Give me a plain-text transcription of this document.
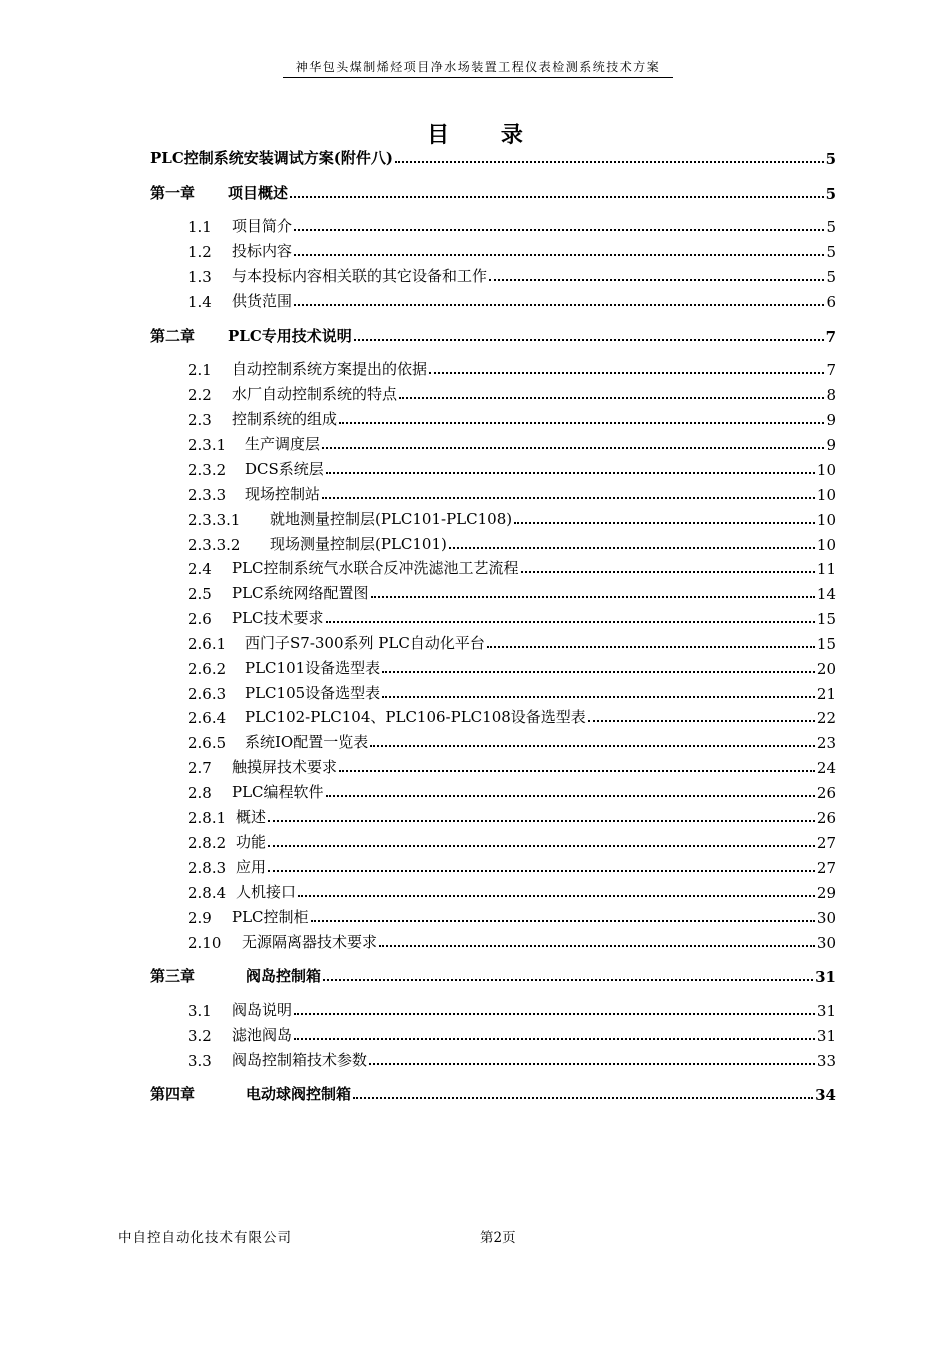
神华包头煤制烯烃项目净水场装置工程仪表检测系统技术方案
目 录
PLC控制系统安装调试方案(附件八)	5
第一章	项目概述	5
1.1	项目简介	5
1.2	投标内容	5
1.3	与本投标内容相关联的其它设备和工作	5
1.4	供货范围	6
第二章	PLC专用技术说明	7
2.1	自动控制系统方案提出的依据	7
2.2	水厂自动控制系统的特点	8
2.3	控制系统的组成	9
2.3.1	生产调度层	9
2.3.2	DCS系统层	10
2.3.3	现场控制站	10
2.3.3.1	就地测量控制层(PLC101-PLC108)	10
2.3.3.2	现场测量控制层(PLC101)	10
2.4	PLC控制系统气水联合反冲洗滤池工艺流程	11
2.5	PLC系统网络配置图	14
2.6	PLC技术要求	15
2.6.1	西门子S7-300系列 PLC自动化平台	15
2.6.2	PLC101设备选型表	20
2.6.3	PLC105设备选型表	21
2.6.4	PLC102-PLC104、PLC106-PLC108设备选型表	22
2.6.5	系统IO配置一览表	23
2.7	触摸屏技术要求	24
2.8	PLC编程软件	26
2.8.1 概述	26
2.8.2 功能	27
2.8.3 应用	27
2.8.4 人机接口	29
2.9	PLC控制柜	30
2.10	无源隔离器技术要求	30
第三章	阀岛控制箱	31
3.1	阀岛说明	31
3.2	滤池阀岛	31
3.3	阀岛控制箱技术参数	33
第四章	电动球阀控制箱	34
中自控自动化技术有限公司	第2页
